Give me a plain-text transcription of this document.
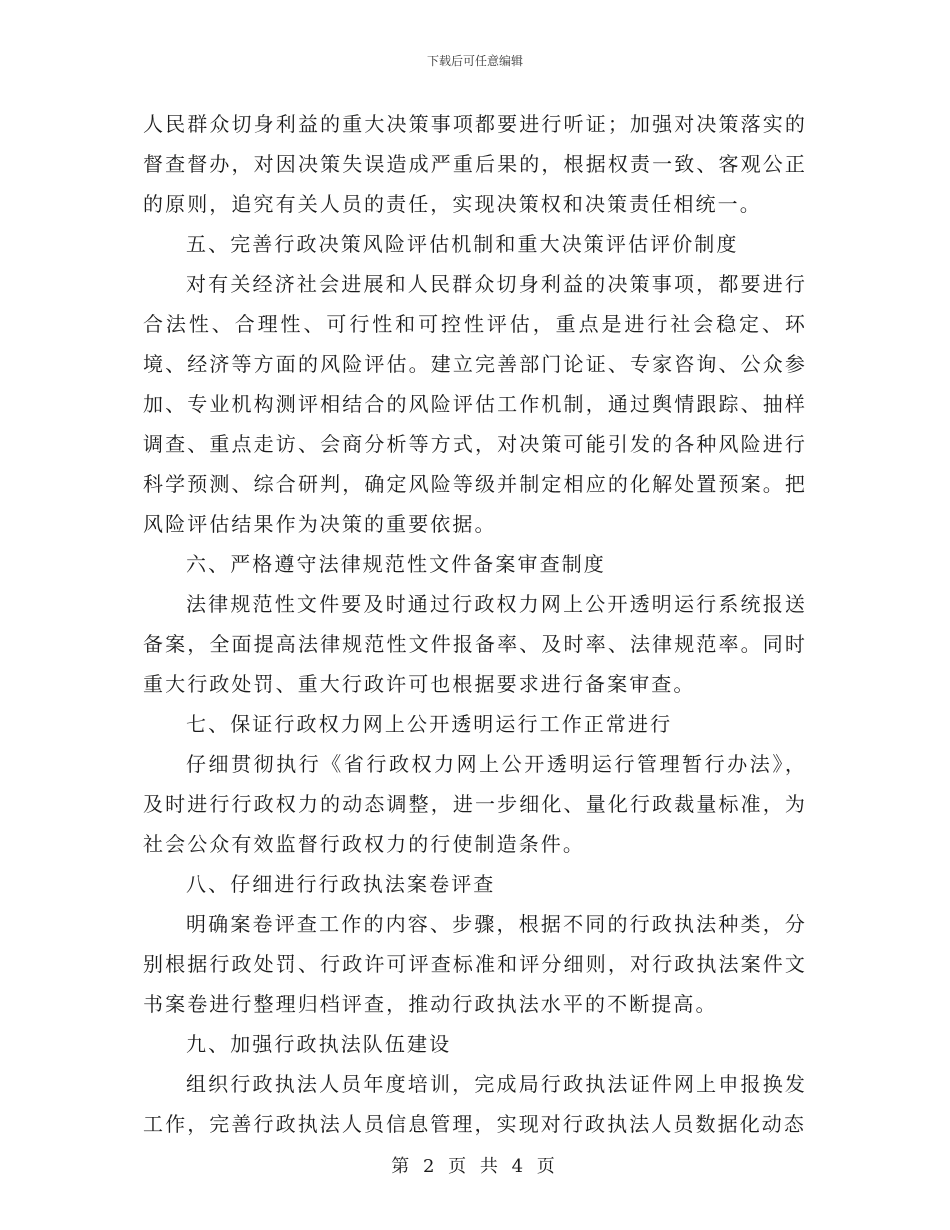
下载后可任意编辑

人民群众切身利益的重大决策事项都要进行听证；加强对决策落实的督查督办，对因决策失误造成严重后果的，根据权责一致、客观公正的原则，追究有关人员的责任，实现决策权和决策责任相统一。

五、完善行政决策风险评估机制和重大决策评估评价制度

对有关经济社会进展和人民群众切身利益的决策事项，都要进行合法性、合理性、可行性和可控性评估，重点是进行社会稳定、环境、经济等方面的风险评估。建立完善部门论证、专家咨询、公众参加、专业机构测评相结合的风险评估工作机制，通过舆情跟踪、抽样调查、重点走访、会商分析等方式，对决策可能引发的各种风险进行科学预测、综合研判，确定风险等级并制定相应的化解处置预案。把风险评估结果作为决策的重要依据。

六、严格遵守法律规范性文件备案审查制度

法律规范性文件要及时通过行政权力网上公开透明运行系统报送备案，全面提高法律规范性文件报备率、及时率、法律规范率。同时重大行政处罚、重大行政许可也根据要求进行备案审查。

七、保证行政权力网上公开透明运行工作正常进行

仔细贯彻执行《省行政权力网上公开透明运行管理暂行办法》，及时进行行政权力的动态调整，进一步细化、量化行政裁量标准，为社会公众有效监督行政权力的行使制造条件。

八、仔细进行行政执法案卷评查

明确案卷评查工作的内容、步骤，根据不同的行政执法种类，分别根据行政处罚、行政许可评查标准和评分细则，对行政执法案件文书案卷进行整理归档评查，推动行政执法水平的不断提高。

九、加强行政执法队伍建设

组织行政执法人员年度培训，完成局行政执法证件网上申报换发工作，完善行政执法人员信息管理，实现对行政执法人员数据化动态

第 2 页 共 4 页
